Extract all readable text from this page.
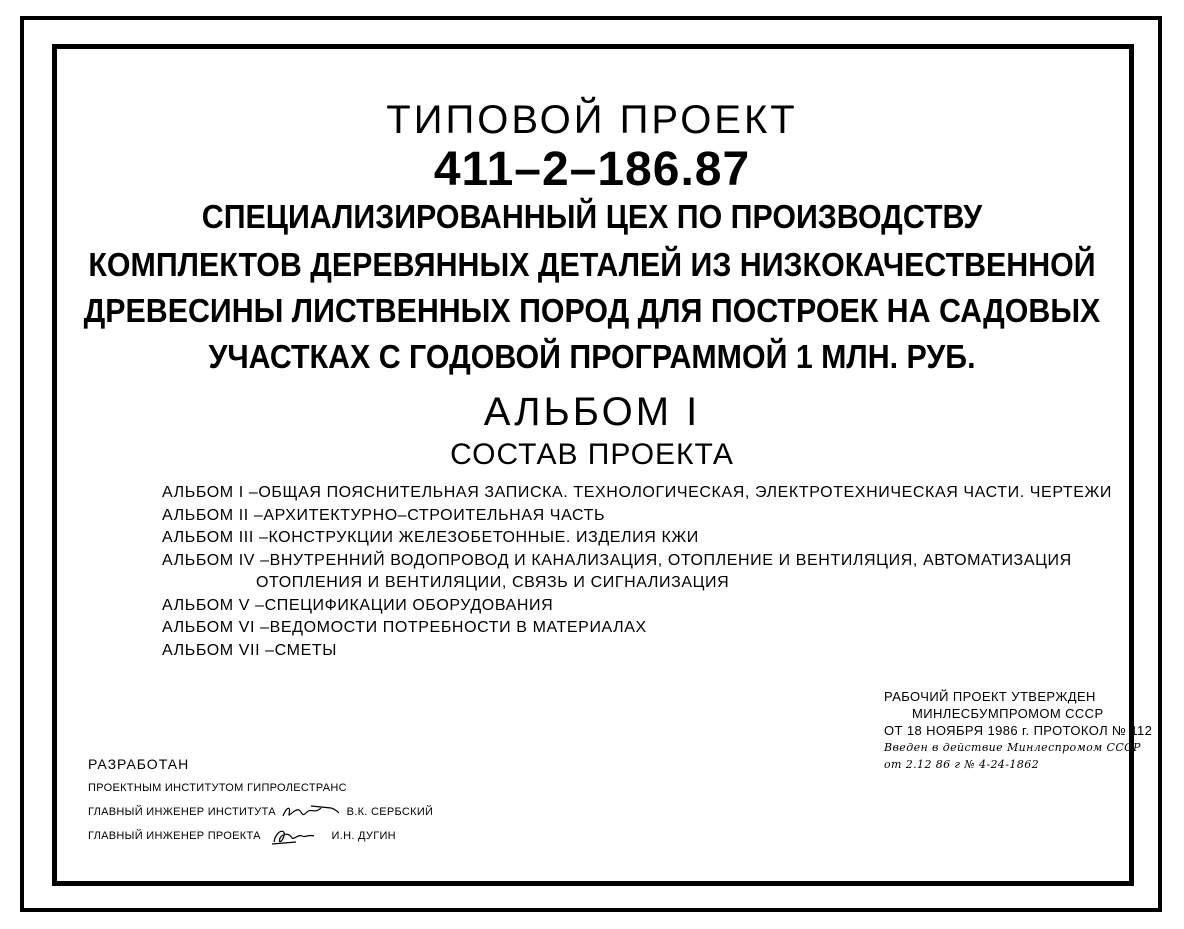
ТИПОВОЙ ПРОЕКТ
411–2–186.87
СПЕЦИАЛИЗИРОВАННЫЙ ЦЕХ ПО ПРОИЗВОДСТВУ
КОМПЛЕКТОВ ДЕРЕВЯННЫХ ДЕТАЛЕЙ ИЗ НИЗКОКАЧЕСТВЕННОЙ
ДРЕВЕСИНЫ ЛИСТВЕННЫХ ПОРОД ДЛЯ ПОСТРОЕК НА САДОВЫХ
УЧАСТКАХ С ГОДОВОЙ ПРОГРАММОЙ 1 МЛН. РУБ.
АЛЬБОМ I
СОСТАВ ПРОЕКТА
АЛЬБОМ I –ОБЩАЯ ПОЯСНИТЕЛЬНАЯ ЗАПИСКА. ТЕХНОЛОГИЧЕСКАЯ, ЭЛЕКТРОТЕХНИЧЕСКАЯ ЧАСТИ. ЧЕРТЕЖИ
АЛЬБОМ II –АРХИТЕКТУРНО–СТРОИТЕЛЬНАЯ ЧАСТЬ
АЛЬБОМ III –КОНСТРУКЦИИ ЖЕЛЕЗОБЕТОННЫЕ. ИЗДЕЛИЯ КЖИ
АЛЬБОМ IV –ВНУТРЕННИЙ ВОДОПРОВОД И КАНАЛИЗАЦИЯ, ОТОПЛЕНИЕ И ВЕНТИЛЯЦИЯ, АВТОМАТИЗАЦИЯ
ОТОПЛЕНИЯ И ВЕНТИЛЯЦИИ, СВЯЗЬ И СИГНАЛИЗАЦИЯ
АЛЬБОМ V –СПЕЦИФИКАЦИИ ОБОРУДОВАНИЯ
АЛЬБОМ VI –ВЕДОМОСТИ ПОТРЕБНОСТИ В МАТЕРИАЛАХ
АЛЬБОМ VII –СМЕТЫ
РАБОЧИЙ ПРОЕКТ УТВЕРЖДЕН
МИНЛЕСБУМПРОМОМ СССР
ОТ 18 НОЯБРЯ 1986 г. ПРОТОКОЛ № 112
Введен в действие Минлеспромом СССР
от 2.12 86 г № 4-24-1862
РАЗРАБОТАН
ПРОЕКТНЫМ ИНСТИТУТОМ ГИПРОЛЕСТРАНС
ГЛАВНЫЙ ИНЖЕНЕР ИНСТИТУТА	В.К. СЕРБСКИЙ
ГЛАВНЫЙ ИНЖЕНЕР ПРОЕКТА	И.Н. ДУГИН
